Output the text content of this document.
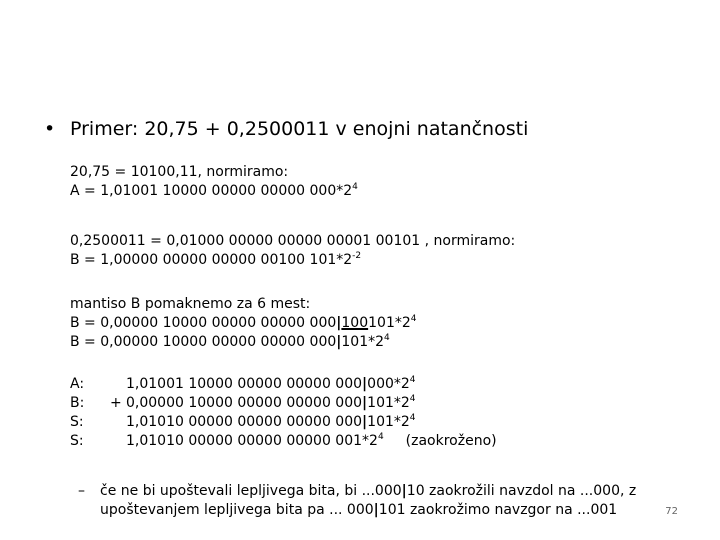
• Primer: 20,75 + 0,2500011 v enojni natančnosti
20,75 = 10100,11, normiramo:
A = 1,01001 10000 00000 00000 $000*2^4$
0,2500011 = 0,01000 00000 00000 00001 00101 , normiramo:
B = 1,00000 00000 00000 00100 $101*2^{-2}$
mantiso B pomaknemo za 6 mest:
B = 0,00000 10000 00000 00000 $000|100101*2^4$
B = 0,00000 10000 00000 00000 $000|101*2^4$
A:	1,01001 10000 00000 00000 $000|000*2^4$
B: + 0,00000 10000 00000 00000 $000|101*2^4$
S:	1,01010 00000 00000 00000 $000|101*2^4$
S:	1,01010 00000 00000 00000 $001*2^4$ (zaokroženo)
– če ne bi upoštevali lepljivega bita, bi ...000|10 zaokrožili navzdol na ...000, z
upoštevanjem lepljivega bita pa ... 000|101 zaokrožimo navzgor na ...001	72
